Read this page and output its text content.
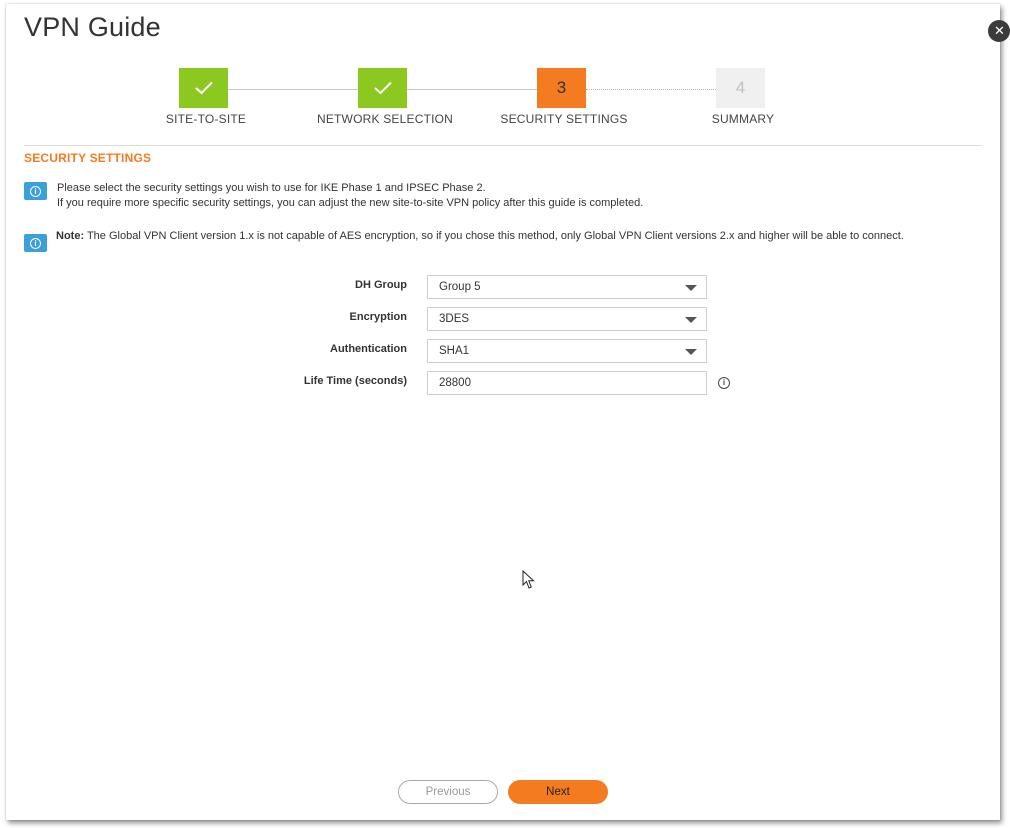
✕
VPN Guide
3	4
SITE-TO-SITE	NETWORK SELECTION	SECURITY SETTINGS	SUMMARY
SECURITY SETTINGS
i	Please select the security settings you wish to use for IKE Phase 1 and IPSEC Phase 2.
If you require more specific security settings, you can adjust the new site-to-site VPN policy after this guide is completed.
i
Note: The Global VPN Client version 1.x is not capable of AES encryption, so if you chose this method, only Global VPN Client versions 2.x and higher will be able to connect.
DH Group	Group 5
Encryption	3DES
Authentication	SHA1
Life Time (seconds)	28800	i
Previous	Next
